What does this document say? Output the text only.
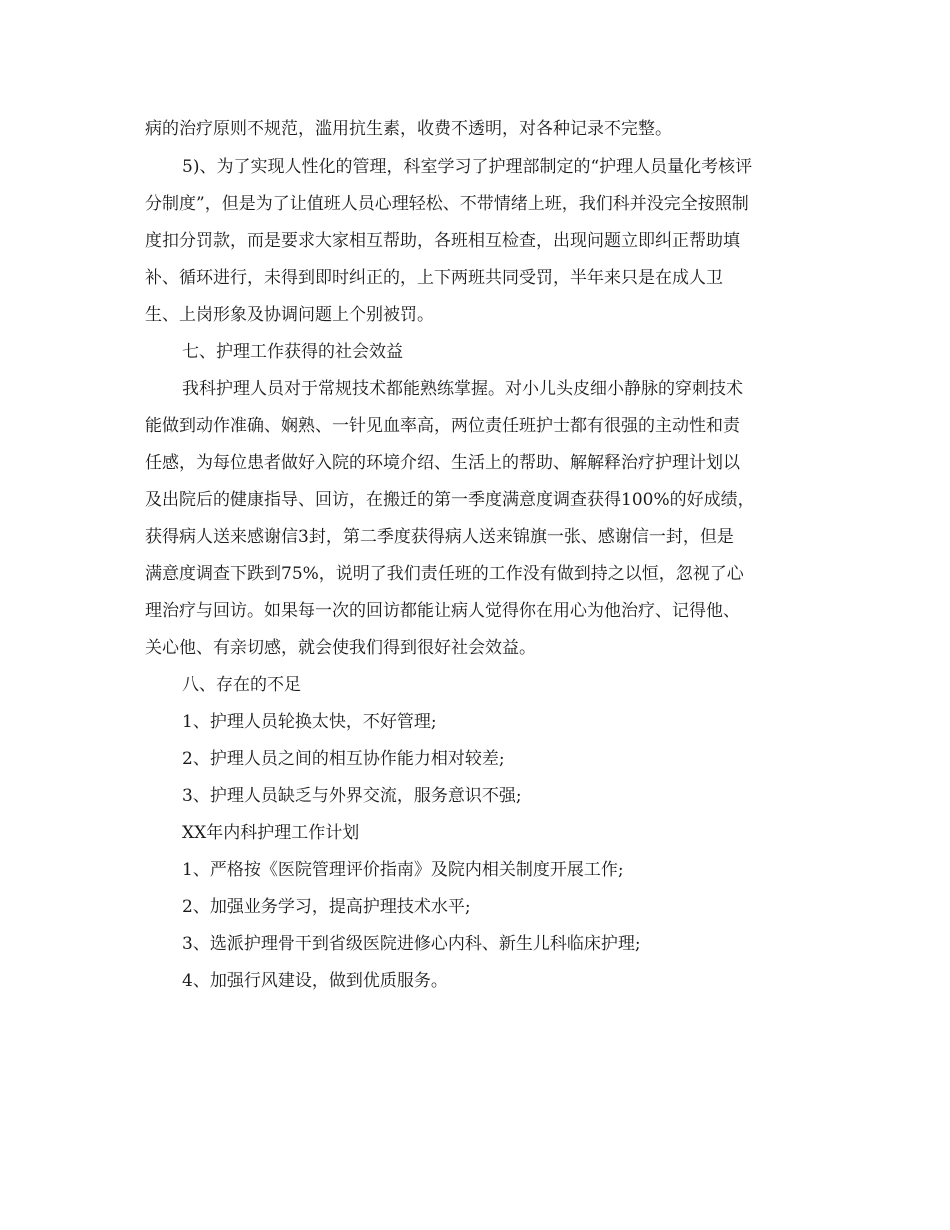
病的治疗原则不规范，滥用抗生素，收费不透明，对各种记录不完整。
5)、为了实现人性化的管理，科室学习了护理部制定的“护理人员量化考核评
分制度”，但是为了让值班人员心理轻松、不带情绪上班，我们科并没完全按照制
度扣分罚款，而是要求大家相互帮助，各班相互检查，出现问题立即纠正帮助填
补、循环进行，未得到即时纠正的，上下两班共同受罚，半年来只是在成人卫
生、上岗形象及协调问题上个别被罚。
七、护理工作获得的社会效益
我科护理人员对于常规技术都能熟练掌握。对小儿头皮细小静脉的穿刺技术
能做到动作准确、娴熟、一针见血率高，两位责任班护士都有很强的主动性和责
任感，为每位患者做好入院的环境介绍、生活上的帮助、解解释治疗护理计划以
及出院后的健康指导、回访，在搬迁的第一季度满意度调查获得100%的好成绩，
获得病人送来感谢信3封，第二季度获得病人送来锦旗一张、感谢信一封，但是
满意度调查下跌到75%，说明了我们责任班的工作没有做到持之以恒，忽视了心
理治疗与回访。如果每一次的回访都能让病人觉得你在用心为他治疗、记得他、
关心他、有亲切感，就会使我们得到很好社会效益。
八、存在的不足
1、护理人员轮换太快，不好管理;
2、护理人员之间的相互协作能力相对较差;
3、护理人员缺乏与外界交流，服务意识不强;
XX年内科护理工作计划
1、严格按《医院管理评价指南》及院内相关制度开展工作;
2、加强业务学习，提高护理技术水平;
3、选派护理骨干到省级医院进修心内科、新生儿科临床护理;
4、加强行风建设，做到优质服务。
